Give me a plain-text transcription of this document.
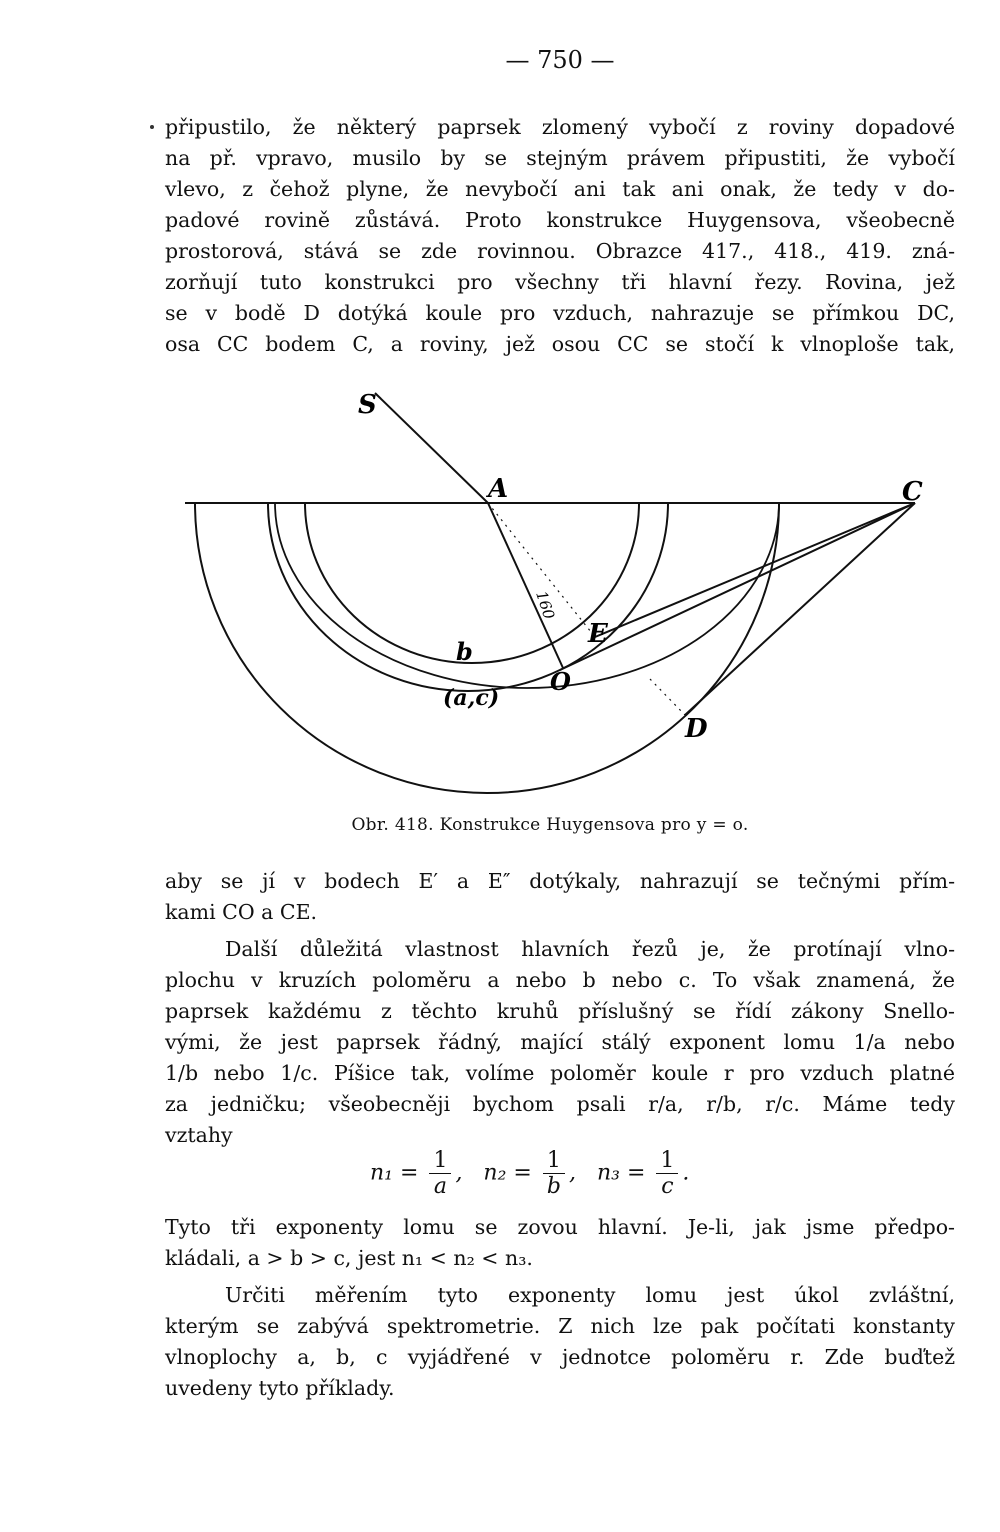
— 750 —
připustilo, že některý paprsek zlomený vybočí z roviny dopadové
na př. vpravo, musilo by se stejným právem připustiti, že vybočí
vlevo, z čehož plyne, že nevybočí ani tak ani onak, že tedy v do-
padové rovině zůstává. Proto konstrukce Huygensova, všeobecně
prostorová, stává se zde rovinnou. Obrazce 417., 418., 419. zná-
zorňují tuto konstrukci pro všechny tři hlavní řezy. Rovina, jež
se v bodě D dotýká koule pro vzduch, nahrazuje se přímkou DC,
osa CC bodem C, a roviny, jež osou CC se stočí k vlnoploše tak,
S
A	C
E
b
O
(a,c)
D
160
Obr. 418. Konstrukce Huygensova pro y = o.
aby se jí v bodech E′ a E″ dotýkaly, nahrazují se tečnými přím-
kami CO a CE.
Další důležitá vlastnost hlavních řezů je, že protínají vlno-
plochu v kruzích poloměru a nebo b nebo c. To však znamená, že
paprsek každému z těchto kruhů příslušný se řídí zákony Snello-
vými, že jest paprsek řádný, mající stálý exponent lomu 1/a nebo
1/b nebo 1/c. Píšice tak, volíme poloměr koule r pro vzduch platné
za jedničku; všeobecněji bychom psali r/a, r/b, r/c. Máme tedy
vztahy
$n_1 = \frac{1}{a}$ ,   $n_2 = \frac{1}{b}$ ,   $n_3 = \frac{1}{c}$ .
Tyto tři exponenty lomu se zovou hlavní. Je-li, jak jsme předpo-
kládali, a > b > c, jest n₁ < n₂ < n₃.
Určiti měřením tyto exponenty lomu jest úkol zvláštní,
kterým se zabývá spektrometrie. Z nich lze pak počítati konstanty
vlnoplochy a, b, c vyjádřené v jednotce poloměru r. Zde buďtež
uvedeny tyto příklady.
